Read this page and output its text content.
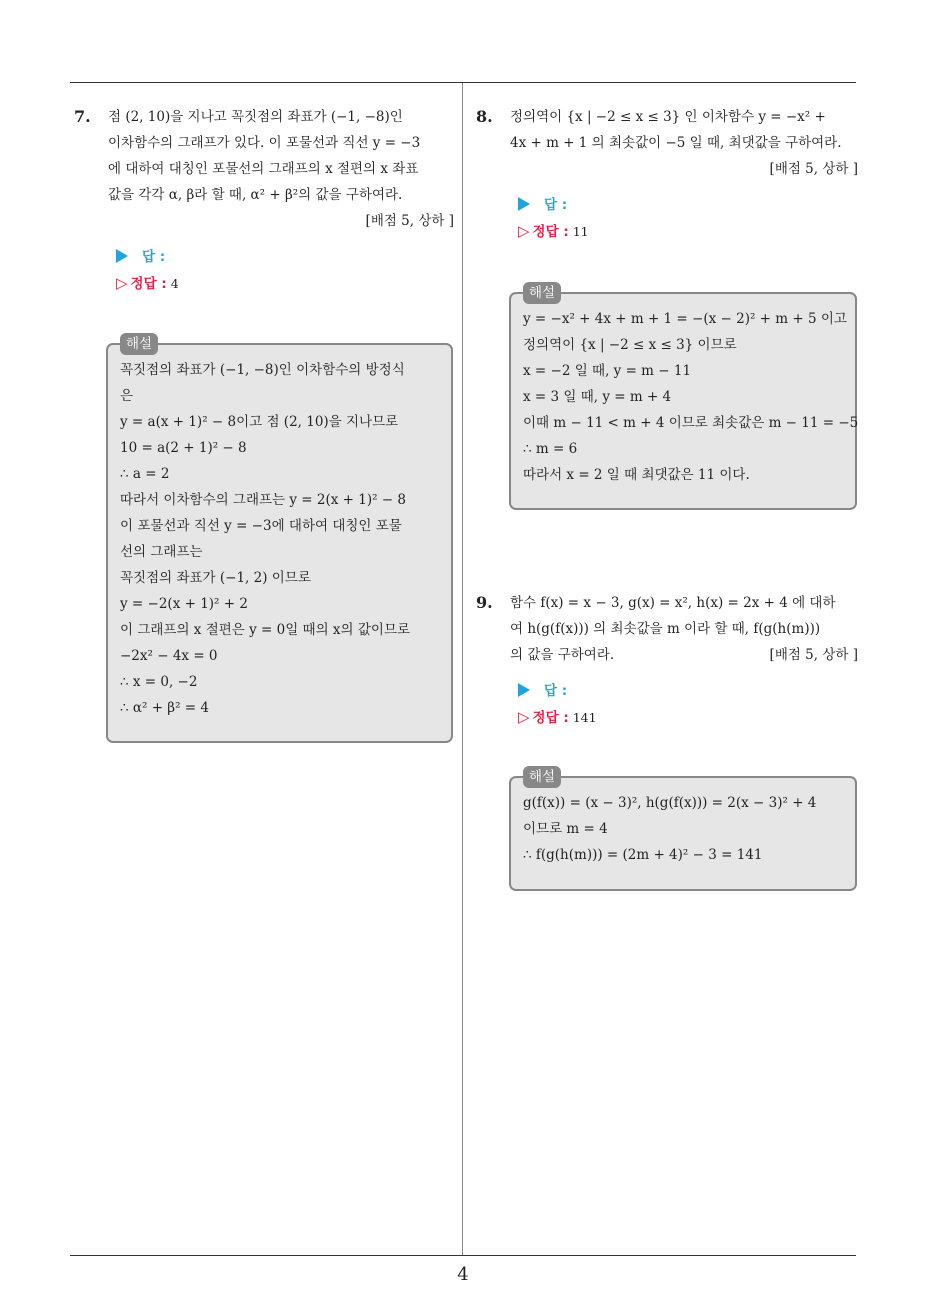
4
7. 점 (2, 10)을 지나고 꼭짓점의 좌표가 (−1, −8)인
이차함수의 그래프가 있다. 이 포물선과 직선 y = −3
에 대하여 대칭인 포물선의 그래프의 x 절편의 x 좌표
값을 각각 α, β라 할 때, α² + β²의 값을 구하여라.
[배점 5, 상하 ]
답 :
▷ 정답 : 4
해설
꼭짓점의 좌표가 (−1, −8)인 이차함수의 방정식
은
y = a(x + 1)² − 8이고 점 (2, 10)을 지나므로
10 = a(2 + 1)² − 8
∴ a = 2
따라서 이차함수의 그래프는 y = 2(x + 1)² − 8
이 포물선과 직선 y = −3에 대하여 대칭인 포물
선의 그래프는
꼭짓점의 좌표가 (−1, 2) 이므로
y = −2(x + 1)² + 2
이 그래프의 x 절편은 y = 0일 때의 x의 값이므로
−2x² − 4x = 0
∴ x = 0, −2
∴ α² + β² = 4
8. 정의역이 {x | −2 ≤ x ≤ 3} 인 이차함수 y = −x² +
4x + m + 1 의 최솟값이 −5 일 때, 최댓값을 구하여라.
[배점 5, 상하 ]
답 :
▷ 정답 : 11
해설
y = −x² + 4x + m + 1 = −(x − 2)² + m + 5 이고
정의역이 {x | −2 ≤ x ≤ 3} 이므로
x = −2 일 때, y = m − 11
x = 3 일 때, y = m + 4
이때 m − 11 < m + 4 이므로 최솟값은 m − 11 = −5
∴ m = 6
따라서 x = 2 일 때 최댓값은 11 이다.
9. 함수 f(x) = x − 3, g(x) = x², h(x) = 2x + 4 에 대하
여 h(g(f(x))) 의 최솟값을 m 이라 할 때, f(g(h(m)))
의 값을 구하여라.	[배점 5, 상하 ]
답 :
▷ 정답 : 141
해설
g(f(x)) = (x − 3)², h(g(f(x))) = 2(x − 3)² + 4
이므로 m = 4
∴ f(g(h(m))) = (2m + 4)² − 3 = 141
